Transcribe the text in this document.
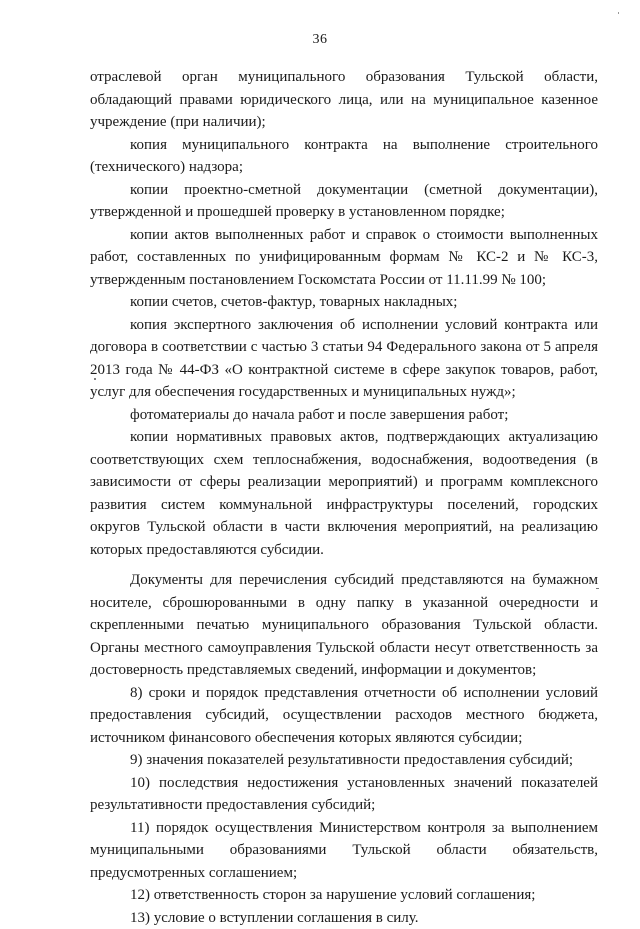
36

отраслевой орган муниципального образования Тульской области, обладающий правами юридического лица, или на муниципальное казенное учреждение (при наличии);

копия муниципального контракта на выполнение строительного (технического) надзора;

копии проектно-сметной документации (сметной документации), утвержденной и прошедшей проверку в установленном порядке;

копии актов выполненных работ и справок о стоимости выполненных работ, составленных по унифицированным формам № КС-2 и № КС-3, утвержденным постановлением Госкомстата России от 11.11.99 № 100;

копии счетов, счетов-фактур, товарных накладных;

копия экспертного заключения об исполнении условий контракта или договора в соответствии с частью 3 статьи 94 Федерального закона от 5 апреля 2013 года № 44-ФЗ «О контрактной системе в сфере закупок товаров, работ, услуг для обеспечения государственных и муниципальных нужд»;

фотоматериалы до начала работ и после завершения работ;

копии нормативных правовых актов, подтверждающих актуализацию соответствующих схем теплоснабжения, водоснабжения, водоотведения (в зависимости от сферы реализации мероприятий) и программ комплексного развития систем коммунальной инфраструктуры поселений, городских округов Тульской области в части включения мероприятий, на реализацию которых предоставляются субсидии.

Документы для перечисления субсидий представляются на бумажном носителе, сброшюрованными в одну папку в указанной очередности и скрепленными печатью муниципального образования Тульской области. Органы местного самоуправления Тульской области несут ответственность за достоверность представляемых сведений, информации и документов;

8) сроки и порядок представления отчетности об исполнении условий предоставления субсидий, осуществлении расходов местного бюджета, источником финансового обеспечения которых являются субсидии;

9) значения показателей результативности предоставления субсидий;

10) последствия недостижения установленных значений показателей результативности предоставления субсидий;

11) порядок осуществления Министерством контроля за выполнением муниципальными образованиями Тульской области обязательств, предусмотренных соглашением;

12) ответственность сторон за нарушение условий соглашения;

13) условие о вступлении соглашения в силу.
